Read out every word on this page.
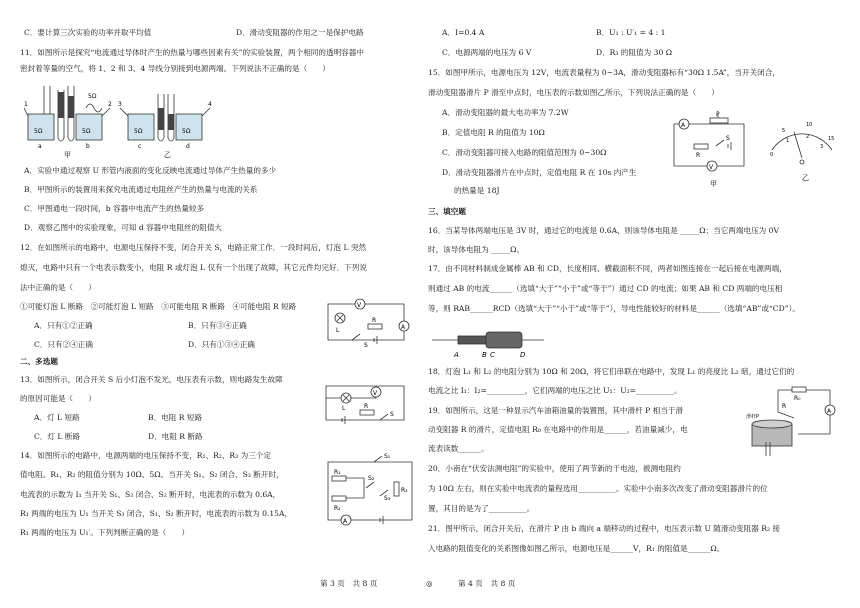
C．要计算三次实验的功率并取平均值	D．滑动变阻器的作用之一是保护电路
11．如图所示是探究“电流通过导体时产生的热量与哪些因素有关”的实验装置，两个相同的透明容器中
密封着等量的空气，将 1、2 和 3、4 导线分别接到电源两端。下列说法不正确的是（　　）
5Ω	5Ω	5Ω	5Ω
5Ω
1	2 3	4
a	b	c	d
甲	乙
A．实验中通过观察 U 形管内液面的变化反映电流通过导体产生热量的多少
B．甲图所示的装置用来探究电流通过电阻丝产生的热量与电流的关系
C．甲图通电一段时间，b 容器中电流产生的热量较多
D．观察乙图中的实验现象，可知 d 容器中电阻丝的阻值大
12．在如图所示的电路中，电源电压保持不变，闭合开关 S，电路正常工作．一段时间后，灯泡 L 突然
熄灭，电路中只有一个电表示数变小，电阻 R 或灯泡 L 仅有一个出现了故障，其它元件均完好．下列说
法中正确的是（　　）
①可能灯泡 L 断路　②可能灯泡 L 短路　③可能电阻 R 断路　④可能电阻 R 短路
A．只有①②正确	B．只有③④正确
C．只有②④正确	D．只有①③④正确
V
A
L
R
S
二、多选题
13．如图所示，闭合开关 S 后小灯泡不发光，电压表有示数，则电路发生故障
的原因可能是（　　）
A．灯 L 短路	B．电阻 R 短路
C．灯 L 断路	D．电阻 R 断路
L
V
R
S
14．如图所示的电路中，电源两端的电压保持不变，R₁、R₂、R₃ 为三个定
值电阻。R₁、R₂ 的阻值分别为 10Ω、5Ω。当开关 S₁、S₂ 闭合、S₃ 断开时，
电流表的示数为 I₁ 当开关 S₁、S₃ 闭合、S₂ 断开时，电流表的示数为 0.6A，
R₁ 两端的电压为 U₁ 当开关 S₃ 闭合，S₁、S₂ 断开时，电流表的示数为 0.15A，
R₁ 两端的电压为 U₁′。下列判断正确的是（　　）
S₁
S₂
S₃
R₁
R₂
R₃
A
第 3 页　共 8 页	◎
A．I=0.4 A	B．U₁ : U′₁ = 4 : 1
C．电源两端的电压为 6 V	D．R₃ 的阻值为 30 Ω
15．如图甲所示，电源电压为 12V，电流表量程为 0~3A，滑动变阻器标有“30Ω 1.5A”，当开关闭合，
滑动变阻器滑片 P 滑至中点时，电压表的示数如图乙所示，下列说法正确的是（　　）
A．滑动变阻器的最大电功率为 7.2W
B．定值电阻 R 的阻值为 10Ω
C．滑动变阻器可接入电路的阻值范围为 0~30Ω
D．滑动变阻器滑片在中点时，定值电阻 R 在 10s 内产生
的热量是 18J
A
P
R
S
V
甲
0
5
10
15
1
2
3
乙
三、填空题
16．当某导体两端电压是 3V 时，通过它的电流是 0.6A，则该导体电阻是 _____Ω；当它两端电压为 0V
时，该导体电阻为 _____Ω。
17．由不同材料制成金属棒 AB 和 CD，长度相同、横截面积不同，两者如图连接在一起后接在电源两端，
则通过 AB 的电流______（选填“大于”“小于”或“等于”）通过 CD 的电流；如果 AB 和 CD 两端的电压相
等，则 RAB______RCD（选填“大于”“小于”或“等于”），导电性能较好的材料是______（选填“AB”或“CD”）。
A	B C	D
18．灯泡 L₁ 和 L₂ 的电阻分别为 10Ω 和 20Ω，将它们串联在电路中，发现 L₁ 的亮度比 L₂ 暗，通过它们的
电流之比 I₁：I₂=__________，它们两端的电压之比 U₁：U₂=__________。
19．如图所示，这是一种显示汽车油箱油量的装置图，其中滑杆 P 相当于滑
动变阻器 R 的滑片，定值电阻 R₀ 在电路中的作用是______，若油量减少，电
流表读数______。
R₀
A
滑杆P
R
20．小南在“伏安法测电阻”的实验中，使用了两节新的干电池，被测电阻约
为 10Ω 左右，则在实验中电流表的量程选用__________。实验中小南多次改变了滑动变阻器滑片的位
置，其目的是为了__________。
21．图甲所示，闭合开关后，在滑片 P 由 b 端向 a 端移动的过程中，电压表示数 U 随滑动变阻器 R₂ 接
入电路的阻值变化的关系图像如图乙所示，电源电压是______V，R₁ 的阻值是______Ω。
第 4 页　共 8 页
